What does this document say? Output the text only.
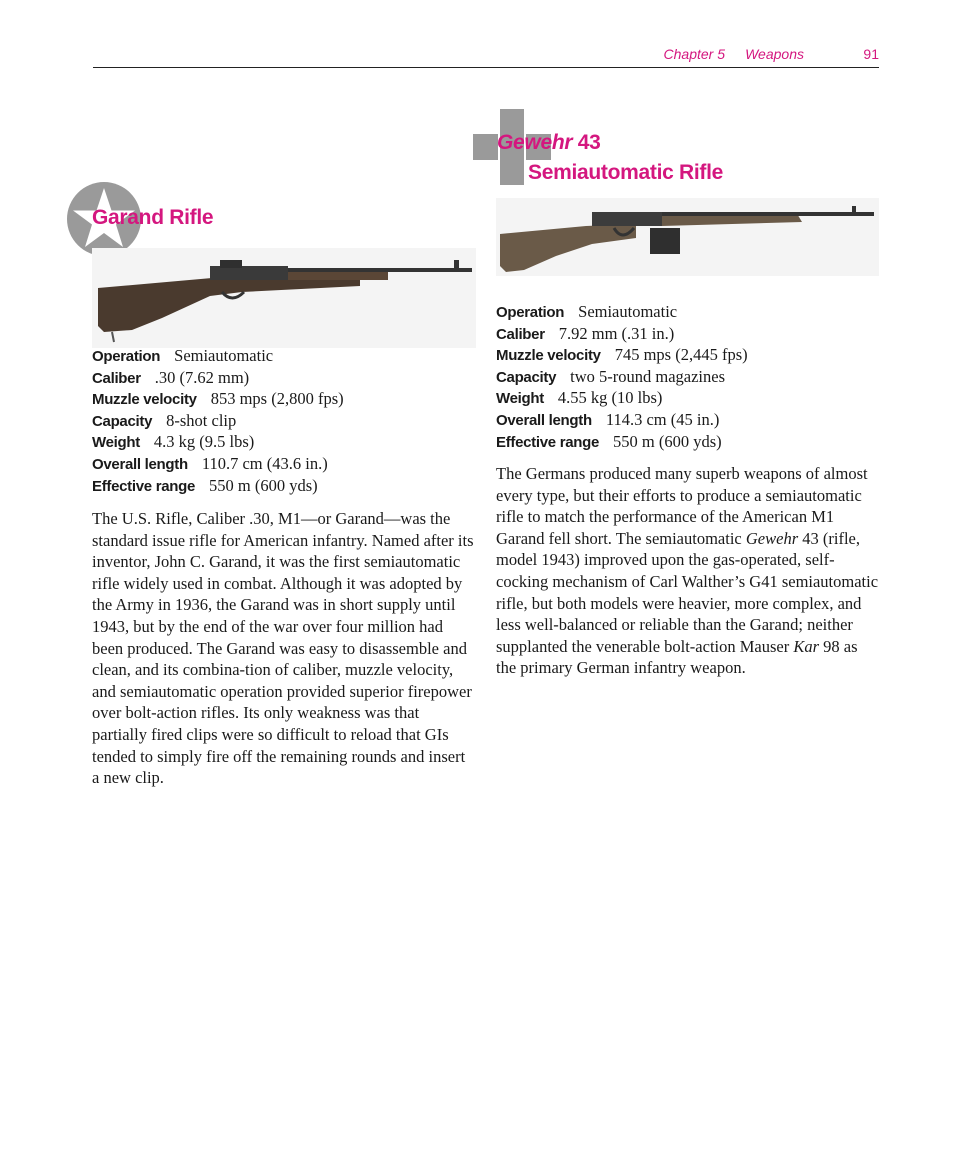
Chapter 5 Weapons	91
Garand Rifle
Operation Semiautomatic
Caliber .30 (7.62 mm)
Muzzle velocity 853 mps (2,800 fps)
Capacity 8-shot clip
Weight 4.3 kg (9.5 lbs)
Overall length 110.7 cm (43.6 in.)
Effective range 550 m (600 yds)

The U.S. Rifle, Caliber .30, M1—or Garand—was the standard issue rifle for American infantry. Named after its inventor, John C. Garand, it was the first semiautomatic rifle widely used in combat. Although it was adopted by the Army in 1936, the Garand was in short supply until 1943, but by the end of the war over four million had been produced. The Garand was easy to disassemble and clean, and its combina-tion of caliber, muzzle velocity, and semiautomatic operation provided superior firepower over bolt-action rifles. Its only weakness was that partially fired clips were so difficult to reload that GIs tended to simply fire off the remaining rounds and insert a new clip.

Gewehr 43
Semiautomatic Rifle
Operation Semiautomatic
Caliber 7.92 mm (.31 in.)
Muzzle velocity 745 mps (2,445 fps)
Capacity two 5-round magazines
Weight 4.55 kg (10 lbs)
Overall length 114.3 cm (45 in.)
Effective range 550 m (600 yds)

The Germans produced many superb weapons of almost every type, but their efforts to produce a semiautomatic rifle to match the performance of the American M1 Garand fell short. The semiautomatic Gewehr 43 (rifle, model 1943) improved upon the gas-operated, self-cocking mechanism of Carl Walther’s G41 semiautomatic rifle, but both models were heavier, more complex, and less well-balanced or reliable than the Garand; neither supplanted the venerable bolt-action Mauser Kar 98 as the primary German infantry weapon.
